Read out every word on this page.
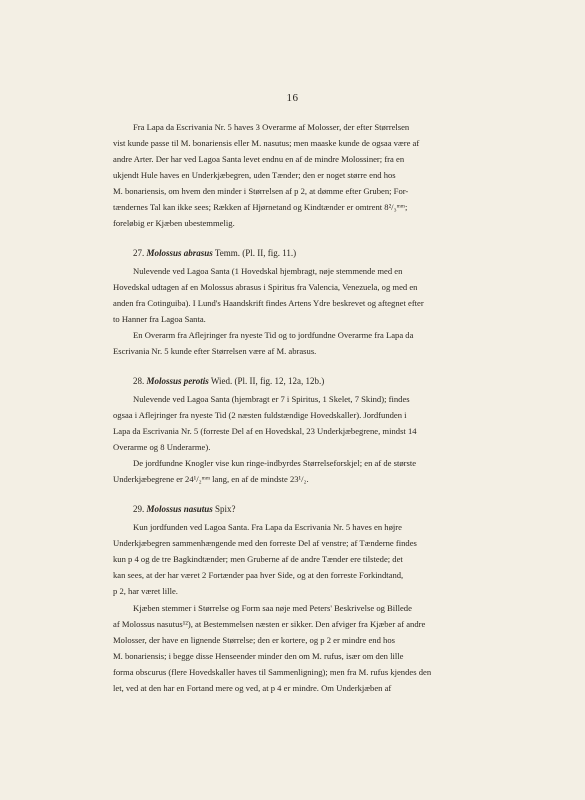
16
Fra Lapa da Escrivania Nr. 5 haves 3 Overarme af Molosser, der efter Størrelsen
vist kunde passe til M. bonariensis eller M. nasutus; men maaske kunde de ogsaa være af
andre Arter. Der har ved Lagoa Santa levet endnu en af de mindre Molossiner; fra en
ukjendt Hule haves en Underkjæbegren, uden Tænder; den er noget større end hos
M. bonariensis, om hvem den minder i Størrelsen af p 2, at dømme efter Gruben; For-
tændernes Tal kan ikke sees; Rækken af Hjørnetand og Kindtænder er omtrent 8²/₃ᵐᵐ;
foreløbig er Kjæben ubestemmelig.
27. Molossus abrasus Temm. (Pl. II, fig. 11.)
Nulevende ved Lagoa Santa (1 Hovedskal hjembragt, nøje stemmende med en
Hovedskal udtagen af en Molossus abrasus i Spiritus fra Valencia, Venezuela, og med en
anden fra Cotinguiba). I Lund's Haandskrift findes Artens Ydre beskrevet og aftegnet efter
to Hanner fra Lagoa Santa.
En Overarm fra Aflejringer fra nyeste Tid og to jordfundne Overarme fra Lapa da
Escrivania Nr. 5 kunde efter Størrelsen være af M. abrasus.
28. Molossus perotis Wied. (Pl. II, fig. 12, 12a, 12b.)
Nulevende ved Lagoa Santa (hjembragt er 7 i Spiritus, 1 Skelet, 7 Skind); findes
ogsaa i Aflejringer fra nyeste Tid (2 næsten fuldstændige Hovedskaller). Jordfunden i
Lapa da Escrivania Nr. 5 (forreste Del af en Hovedskal, 23 Underkjæbegrene, mindst 14
Overarme og 8 Underarme).
De jordfundne Knogler vise kun ringe-indbyrdes Størrelseforskjel; en af de største
Underkjæbegrene er 24¹/₂ᵐᵐ lang, en af de mindste 23¹/₂.
29. Molossus nasutus Spix?
Kun jordfunden ved Lagoa Santa. Fra Lapa da Escrivania Nr. 5 haves en højre
Underkjæbegren sammenhængende med den forreste Del af venstre; af Tænderne findes
kun p 4 og de tre Bagkindtænder; men Gruberne af de andre Tænder ere tilstede; det
kan sees, at der har været 2 Fortænder paa hver Side, og at den forreste Forkindtand,
p 2, har været lille.
Kjæben stemmer i Størrelse og Form saa nøje med Peters' Beskrivelse og Billede
af Molossus nasutus¹²), at Bestemmelsen næsten er sikker. Den afviger fra Kjæber af andre
Molosser, der have en lignende Størrelse; den er kortere, og p 2 er mindre end hos
M. bonariensis; i begge disse Henseender minder den om M. rufus, især om den lille
forma obscurus (flere Hovedskaller haves til Sammenligning); men fra M. rufus kjendes den
let, ved at den har en Fortand mere og ved, at p 4 er mindre. Om Underkjæben af
